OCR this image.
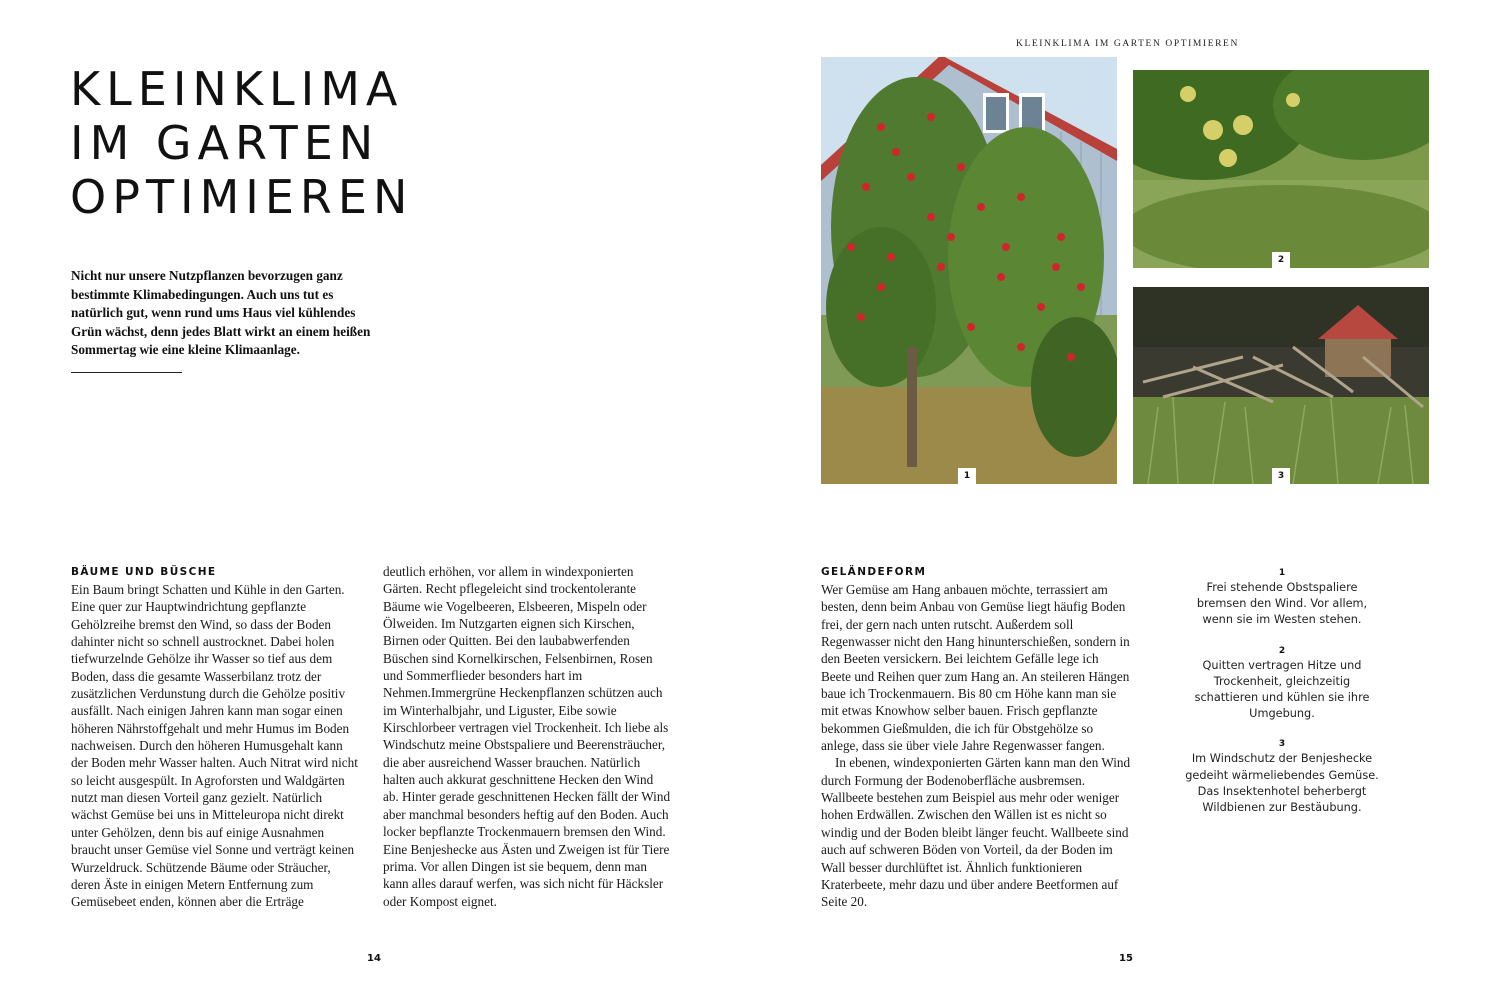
KLEINKLIMA
IM GARTEN
OPTIMIEREN
Nicht nur unsere Nutzpflanzen bevorzugen ganz bestimmte Klimabedingungen. Auch uns tut es natürlich gut, wenn rund ums Haus viel kühlendes Grün wächst, denn jedes Blatt wirkt an einem heißen Sommertag wie eine kleine Klimaanlage.
BÄUME UND BÜSCHE

Ein Baum bringt Schatten und Kühle in den Garten. Eine quer zur Hauptwindrichtung gepflanzte Gehölzreihe bremst den Wind, so dass der Boden dahinter nicht so schnell austrocknet. Dabei holen tiefwurzelnde Gehölze ihr Wasser so tief aus dem Boden, dass die gesamte Wasserbilanz trotz der zusätzlichen Verdunstung durch die Gehölze positiv ausfällt. Nach einigen Jahren kann man sogar einen höheren Nährstoffgehalt und mehr Humus im Boden nachweisen. Durch den höheren Humusgehalt kann der Boden mehr Wasser halten. Auch Nitrat wird nicht so leicht ausgespült. In Agroforsten und Waldgärten nutzt man diesen Vorteil ganz gezielt. Natürlich wächst Gemüse bei uns in Mitteleuropa nicht direkt unter Gehölzen, denn bis auf einige Ausnahmen braucht unser Gemüse viel Sonne und verträgt keinen Wurzeldruck. Schützende Bäume oder Sträucher, deren Äste in einigen Metern Entfernung zum Gemüsebeet enden, können aber die Erträge

deutlich erhöhen, vor allem in windexponierten Gärten. Recht pflegeleicht sind trockentolerante Bäume wie Vogelbeeren, Elsbeeren, Mispeln oder Ölweiden. Im Nutzgarten eignen sich Kirschen, Birnen oder Quitten. Bei den laubabwerfenden Büschen sind Kornelkirschen, Felsenbirnen, Rosen und Sommerflieder besonders hart im Nehmen.Immergrüne Heckenpflanzen schützen auch im Winterhalbjahr, und Liguster, Eibe sowie Kirschlorbeer vertragen viel Trockenheit. Ich liebe als Windschutz meine Obstspaliere und Beerensträucher, die aber ausreichend Wasser brauchen. Natürlich halten auch akkurat geschnittene Hecken den Wind ab. Hinter gerade geschnittenen Hecken fällt der Wind aber manchmal besonders heftig auf den Boden. Auch locker bepflanzte Trockenmauern bremsen den Wind. Eine Benjeshecke aus Ästen und Zweigen ist für Tiere prima. Vor allen Dingen ist sie bequem, denn man kann alles darauf werfen, was sich nicht für Häcksler oder Kompost eignet.

14
KLEINKLIMA IM GARTEN OPTIMIEREN
1
2
3
GELÄNDEFORM

Wer Gemüse am Hang anbauen möchte, terrassiert am besten, denn beim Anbau von Gemüse liegt häufig Boden frei, der gern nach unten rutscht. Außerdem soll Regenwasser nicht den Hang hinunterschießen, sondern in den Beeten versickern. Bei leichtem Gefälle lege ich Beete und Reihen quer zum Hang an. An steileren Hängen baue ich Trockenmauern. Bis 80 cm Höhe kann man sie mit etwas Knowhow selber bauen. Frisch gepflanzte bekommen Gießmulden, die ich für Obstgehölze so anlege, dass sie über viele Jahre Regenwasser fangen.

In ebenen, windexponierten Gärten kann man den Wind durch Formung der Bodenoberfläche ausbremsen. Wallbeete bestehen zum Beispiel aus mehr oder weniger hohen Erdwällen. Zwischen den Wällen ist es nicht so windig und der Boden bleibt länger feucht. Wallbeete sind auch auf schweren Böden von Vorteil, da der Boden im Wall besser durchlüftet ist. Ähnlich funktionieren Kraterbeete, mehr dazu und über andere Beetformen auf Seite 20.

1
Frei stehende Obstspaliere bremsen den Wind. Vor allem, wenn sie im Westen stehen.
2
Quitten vertragen Hitze und Trockenheit, gleichzeitig schattieren und kühlen sie ihre Umgebung.
3
Im Windschutz der Benjeshecke gedeiht wärmeliebendes Gemüse. Das Insektenhotel beherbergt Wildbienen zur Bestäubung.
15
